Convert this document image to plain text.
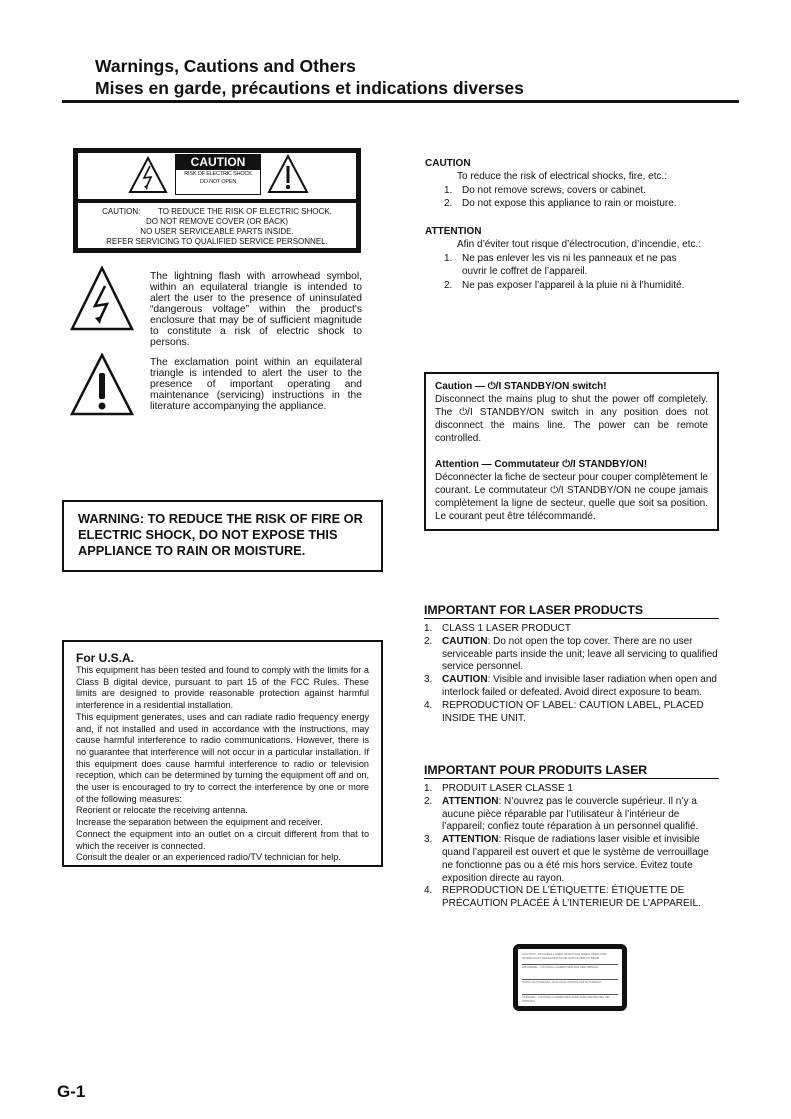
Warnings, Cautions and Others
Mises en garde, précautions et indications diverses
CAUTION
RISK OF ELECTRIC SHOCK
DO NOT OPEN
CAUTION:        TO REDUCE THE RISK OF ELECTRIC SHOCK.
DO NOT REMOVE COVER (OR BACK)
NO USER SERVICEABLE PARTS INSIDE.
REFER SERVICING TO QUALIFIED SERVICE PERSONNEL.
The lightning flash with arrowhead symbol, within an equilateral triangle is intended to alert the user to the presence of uninsulated “dangerous voltage” within the product's enclosure that may be of sufficient magnitude to constitute a risk of electric shock to persons.
The exclamation point within an equilateral triangle is intended to alert the user to the presence of important operating and maintenance (servicing) instructions in the literature accompanying the appliance.
WARNING: TO REDUCE THE RISK OF FIRE OR ELECTRIC SHOCK, DO NOT EXPOSE THIS APPLIANCE TO RAIN OR MOISTURE.
For U.S.A.
This equipment has been tested and found to comply with the limits for a Class B digital device, pursuant to part 15 of the FCC Rules. These limits are designed to provide reasonable protection against harmful interference in a residential installation.
This equipment generates, uses and can radiate radio frequency energy and, if not installed and used in accordance with the instructions, may cause harmful interference to radio communications. However, there is no guarantee that interference will not occur in a particular installation. If this equipment does cause harmful interference to radio or television reception, which can be determined by turning the equipment off and on, the user is encouraged to try to correct the interference by one or more of the following measures:
Reorient or relocate the receiving antenna.
Increase the separation between the equipment and receiver.
Connect the equipment into an outlet on a circuit different from that to which the receiver is connected.
Consult the dealer or an experienced radio/TV technician for help.
CAUTION
To reduce the risk of electrical shocks, fire, etc.:
1. Do not remove screws, covers or cabinet.
2. Do not expose this appliance to rain or moisture.
ATTENTION
Afin d’éviter tout risque d’électrocution, d’incendie, etc.:
1. Ne pas enlever les vis ni les panneaux et ne pas ouvrir le coffret de l’appareil.
2. Ne pas exposer l’appareil à la pluie ni à l’humidité.
Caution — ⏻/I STANDBY/ON switch!
Disconnect the mains plug to shut the power off completely. The ⏻/I STANDBY/ON switch in any position does not disconnect the mains line. The power can be remote controlled.
Attention — Commutateur ⏻/I STANDBY/ON!
Déconnecter la fiche de secteur pour couper complètement le courant. Le commutateur ⏻/I STANDBY/ON ne coupe jamais complètement la ligne de secteur, quelle que soit sa position. Le courant peut être télécommandé.
IMPORTANT FOR LASER PRODUCTS
1. CLASS 1 LASER PRODUCT
2. CAUTION: Do not open the top cover. There are no user serviceable parts inside the unit; leave all servicing to qualified service personnel.
3. CAUTION: Visible and invisible laser radiation when open and interlock failed or defeated. Avoid direct exposure to beam.
4. REPRODUCTION OF LABEL: CAUTION LABEL, PLACED INSIDE THE UNIT.
IMPORTANT POUR PRODUITS LASER
1. PRODUIT LASER CLASSE 1
2. ATTENTION: N’ouvrez pas le couvercle supérieur. Il n’y a aucune pièce réparable par l’utilisateur à l’intérieur de l’appareil; confiez toute réparation à un personnel qualifié.
3. ATTENTION: Risque de radiations laser visible et invisible quand l’appareil est ouvert et que le système de verrouillage ne fonctionne pas ou a été mis hors service. Évitez toute exposition directe au rayon.
4. REPRODUCTION DE L’ÉTIQUETTE: ÉTIQUETTE DE PRÉCAUTION PLACÉE À L’INTERIEUR DE L’APPAREIL.
CAUTION - INVISIBLE LASER RADIATION WHEN OPEN AND INTERLOCKS DEFEATED AVOID EXPOSURE TO BEAM
ADVARSEL - USYNLIG LASERSTRÅLING VED ÅBNING
VARO! AVATTAESSA JA SUOJALUKITUS OHITETTAESSA
VARNING - OSYNLIG LASERSTRÅLNING NÄR DENNA DEL ÄR ÖPPNAD
G-1
